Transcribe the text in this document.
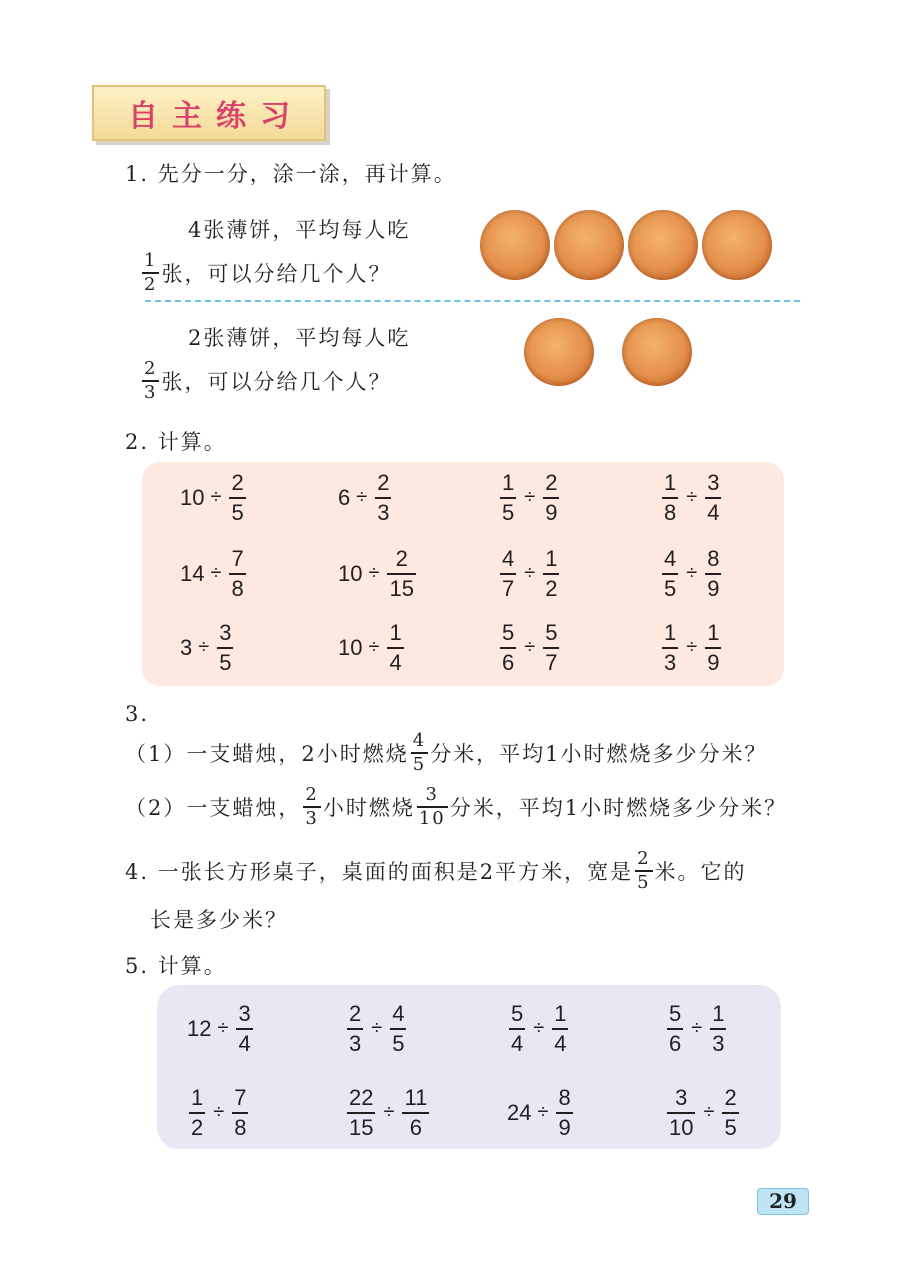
自主练习
1. 先分一分，涂一涂，再计算。
4张薄饼，平均每人吃
$\frac{1}{2}$ 张，可以分给几个人？
2张薄饼，平均每人吃
$\frac{2}{3}$ 张，可以分给几个人？
2. 计算。
$10 \div \frac{2}{5}$	$6 \div \frac{2}{3}$	$\frac{1}{5} \div \frac{2}{9}$	$\frac{1}{8} \div \frac{3}{4}$
$14 \div \frac{7}{8}$	$10 \div \frac{2}{15}$	$\frac{4}{7} \div \frac{1}{2}$	$\frac{4}{5} \div \frac{8}{9}$
$3 \div \frac{3}{5}$	$10 \div \frac{1}{4}$	$\frac{5}{6} \div \frac{5}{7}$	$\frac{1}{3} \div \frac{1}{9}$
3.
（1）一支蜡烛，2小时燃烧 $\frac{4}{5}$ 分米，平均1小时燃烧多少分米？
（2）一支蜡烛， $\frac{2}{3}$ 小时燃烧 $\frac{3}{10}$ 分米，平均1小时燃烧多少分米？
4. 一张长方形桌子，桌面的面积是2平方米，宽是 $\frac{2}{5}$ 米。它的
长是多少米？
5. 计算。
$12 \div \frac{3}{4}$	$\frac{2}{3} \div \frac{4}{5}$	$\frac{5}{4} \div \frac{1}{4}$	$\frac{5}{6} \div \frac{1}{3}$
$\frac{1}{2} \div \frac{7}{8}$	$\frac{22}{15} \div \frac{11}{6}$	$24 \div \frac{8}{9}$	$\frac{3}{10} \div \frac{2}{5}$
29
